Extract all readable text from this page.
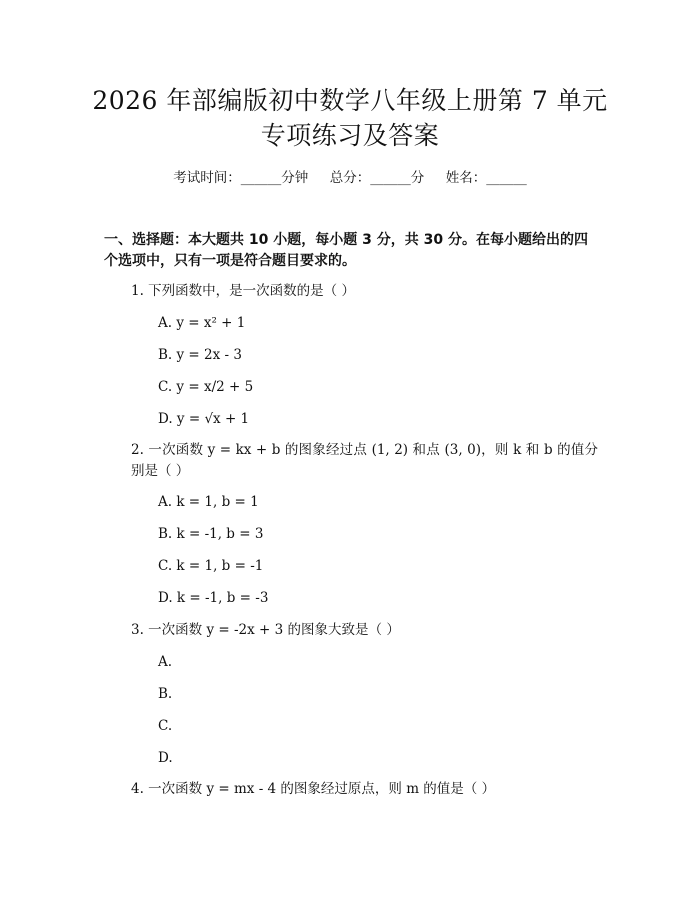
2026 年部编版初中数学八年级上册第 7 单元
专项练习及答案
考试时间：______分钟     总分：______分     姓名：______
一、选择题：本大题共 10 小题，每小题 3 分，共 30 分。在每小题给出的四个选项中，只有一项是符合题目要求的。
1. 下列函数中，是一次函数的是（ ）
A. y = x² + 1
B. y = 2x - 3
C. y = x/2 + 5
D. y = √x + 1
2. 一次函数 y = kx + b 的图象经过点 (1, 2) 和点 (3, 0)，则 k 和 b 的值分别是（ ）
A. k = 1, b = 1
B. k = -1, b = 3
C. k = 1, b = -1
D. k = -1, b = -3
3. 一次函数 y = -2x + 3 的图象大致是（ ）
A.
B.
C.
D.
4. 一次函数 y = mx - 4 的图象经过原点，则 m 的值是（ ）
